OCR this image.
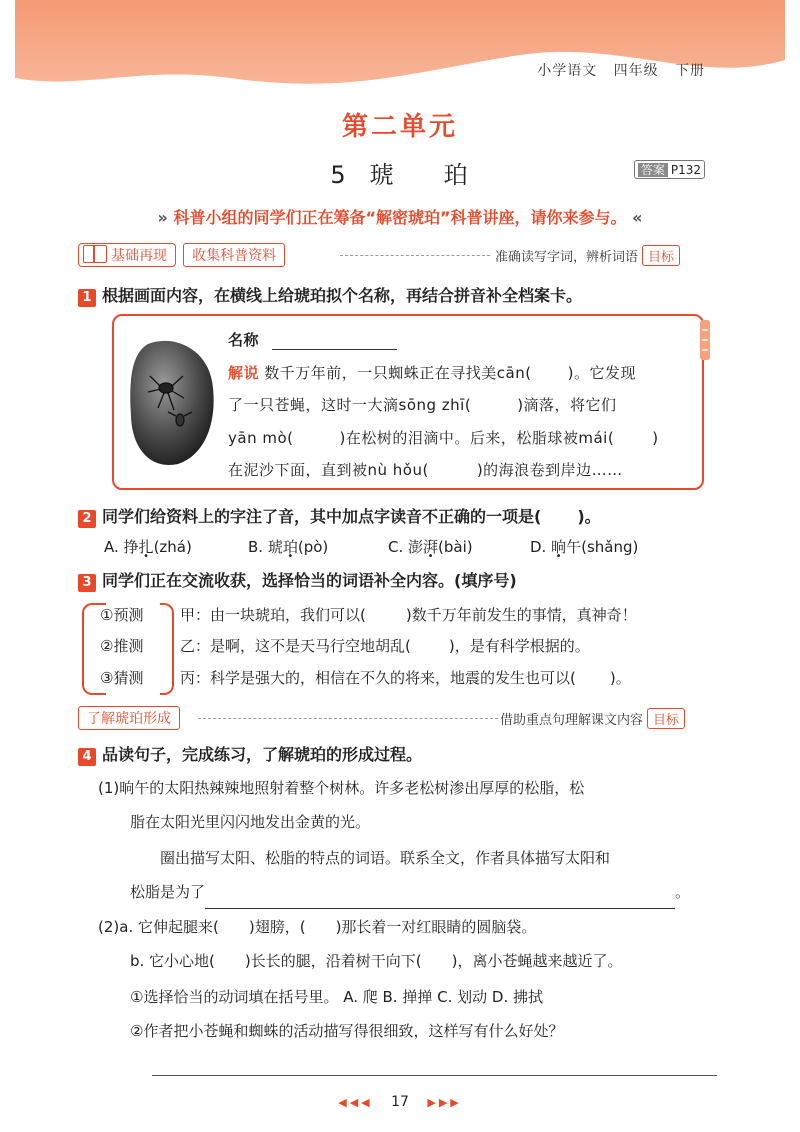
小学语文 四年级 下册
第二单元
5 琥 珀	答案 P132
» 科普小组的同学们正在筹备“解密琥珀”科普讲座，请你来参与。 «
基础再现 收集科普资料	准确读写字词，辨析词语 目标
1 根据画面内容，在横线上给琥珀拟个名称，再结合拼音补全档案卡。
名称
解说 数千万年前，一只蜘蛛正在寻找美cān( )。它发现
了一只苍蝇，这时一大滴sōng zhī(	)滴落，将它们
yān mò(	)在松树的泪滴中。后来，松脂球被mái(	)
在泥沙下面，直到被nù hǒu(	)的海浪卷到岸边……
2 同学们给资料上的字注了音，其中加点字读音不正确的一项是( )。
A. 挣扎(zhá)	B. 琥珀(pò)	C. 澎湃(bài)	D. 晌午(shǎng)
3 同学们正在交流收获，选择恰当的词语补全内容。(填序号)
①预测
②推测
③猜测
甲：由一块琥珀，我们可以(	)数千万年前发生的事情，真神奇！
乙：是啊，这不是天马行空地胡乱(	)，是有科学根据的。
丙：科学是强大的，相信在不久的将来，地震的发生也可以( )。
了解琥珀形成	借助重点句理解课文内容 目标
4 品读句子，完成练习，了解琥珀的形成过程。
(1)晌午的太阳热辣辣地照射着整个树林。许多老松树渗出厚厚的松脂，松
脂在太阳光里闪闪地发出金黄的光。
圈出描写太阳、松脂的特点的词语。联系全文，作者具体描写太阳和
松脂是为了	。
(2)a. 它伸起腿来( )翅膀，( )那长着一对红眼睛的圆脑袋。
b. 它小心地( )长长的腿，沿着树干向下( )，离小苍蝇越来越近了。
①选择恰当的动词填在括号里。 A. 爬 B. 掸掸 C. 划动 D. 拂拭
②作者把小苍蝇和蜘蛛的活动描写得很细致，这样写有什么好处？
◀◀◀ 17 ▶▶▶
